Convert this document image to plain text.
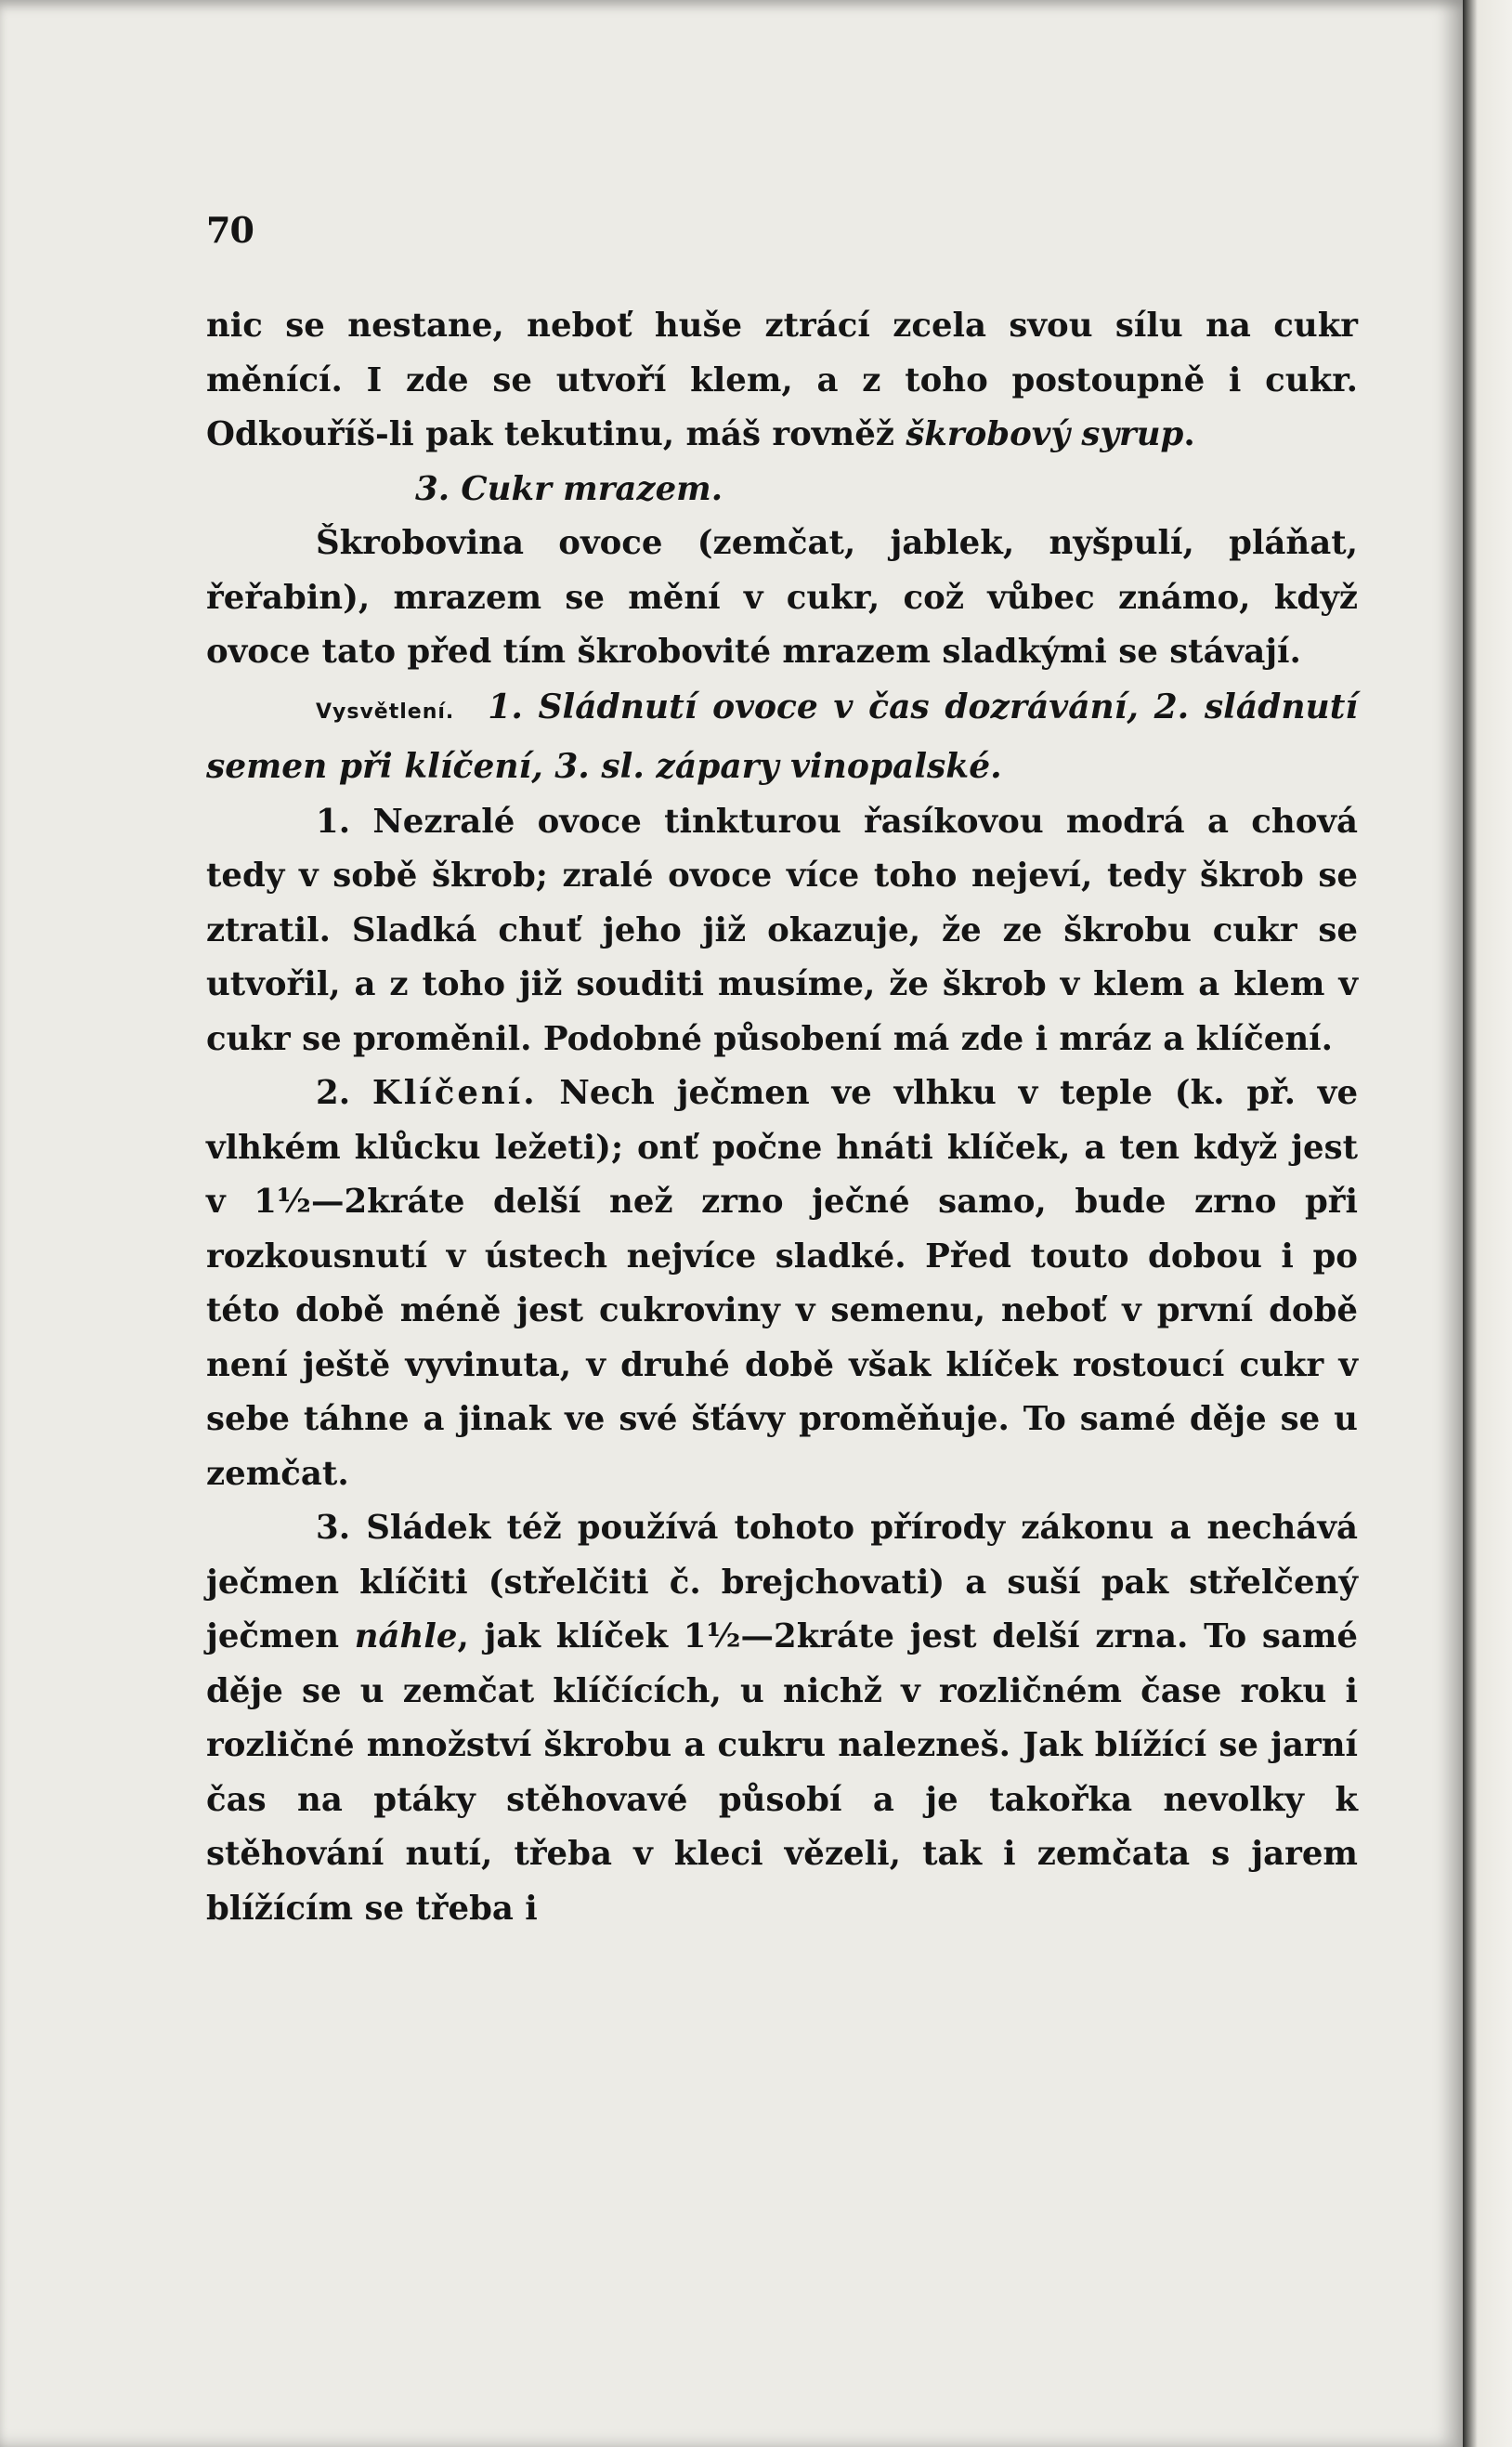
70

nic se nestane, neboť huše ztrácí zcela svou sílu na cukr měnící. I zde se utvoří klem, a z toho postoupně i cukr. Odkouříš-li pak tekutinu, máš rovněž škrobový syrup.

3. Cukr mrazem.

Škrobovina ovoce (zemčat, jablek, nyšpulí, pláňat, řeřabin), mrazem se mění v cukr, což vůbec známo, když ovoce tato před tím škrobovité mrazem sladkými se stávají.

Vysvětlení. 1. Sládnutí ovoce v čas dozrávání, 2. sládnutí semen při klíčení, 3. sl. zápary vinopalské.

1. Nezralé ovoce tinkturou řasíkovou modrá a chová tedy v sobě škrob; zralé ovoce více toho nejeví, tedy škrob se ztratil. Sladká chuť jeho již okazuje, že ze škrobu cukr se utvořil, a z toho již souditi musíme, že škrob v klem a klem v cukr se proměnil. Podobné působení má zde i mráz a klíčení.

2. Klíčení. Nech ječmen ve vlhku v teple (k. př. ve vlhkém klůcku ležeti); onť počne hnáti klíček, a ten když jest v 1½—2kráte delší než zrno ječné samo, bude zrno při rozkousnutí v ústech nejvíce sladké. Před touto dobou i po této době méně jest cukroviny v semenu, neboť v první době není ještě vyvinuta, v druhé době však klíček rostoucí cukr v sebe táhne a jinak ve své šťávy proměňuje. To samé děje se u zemčat.

3. Sládek též používá tohoto přírody zákonu a nechává ječmen klíčiti (střelčiti č. brejchovati) a suší pak střelčený ječmen náhle, jak klíček 1½—2kráte jest delší zrna. To samé děje se u zemčat klíčících, u nichž v rozličném čase roku i rozličné množství škrobu a cukru nalezneš. Jak blížící se jarní čas na ptáky stěhovavé působí a je takořka nevolky k stěhování nutí, třeba v kleci vězeli, tak i zemčata s jarem blížícím se třeba i
